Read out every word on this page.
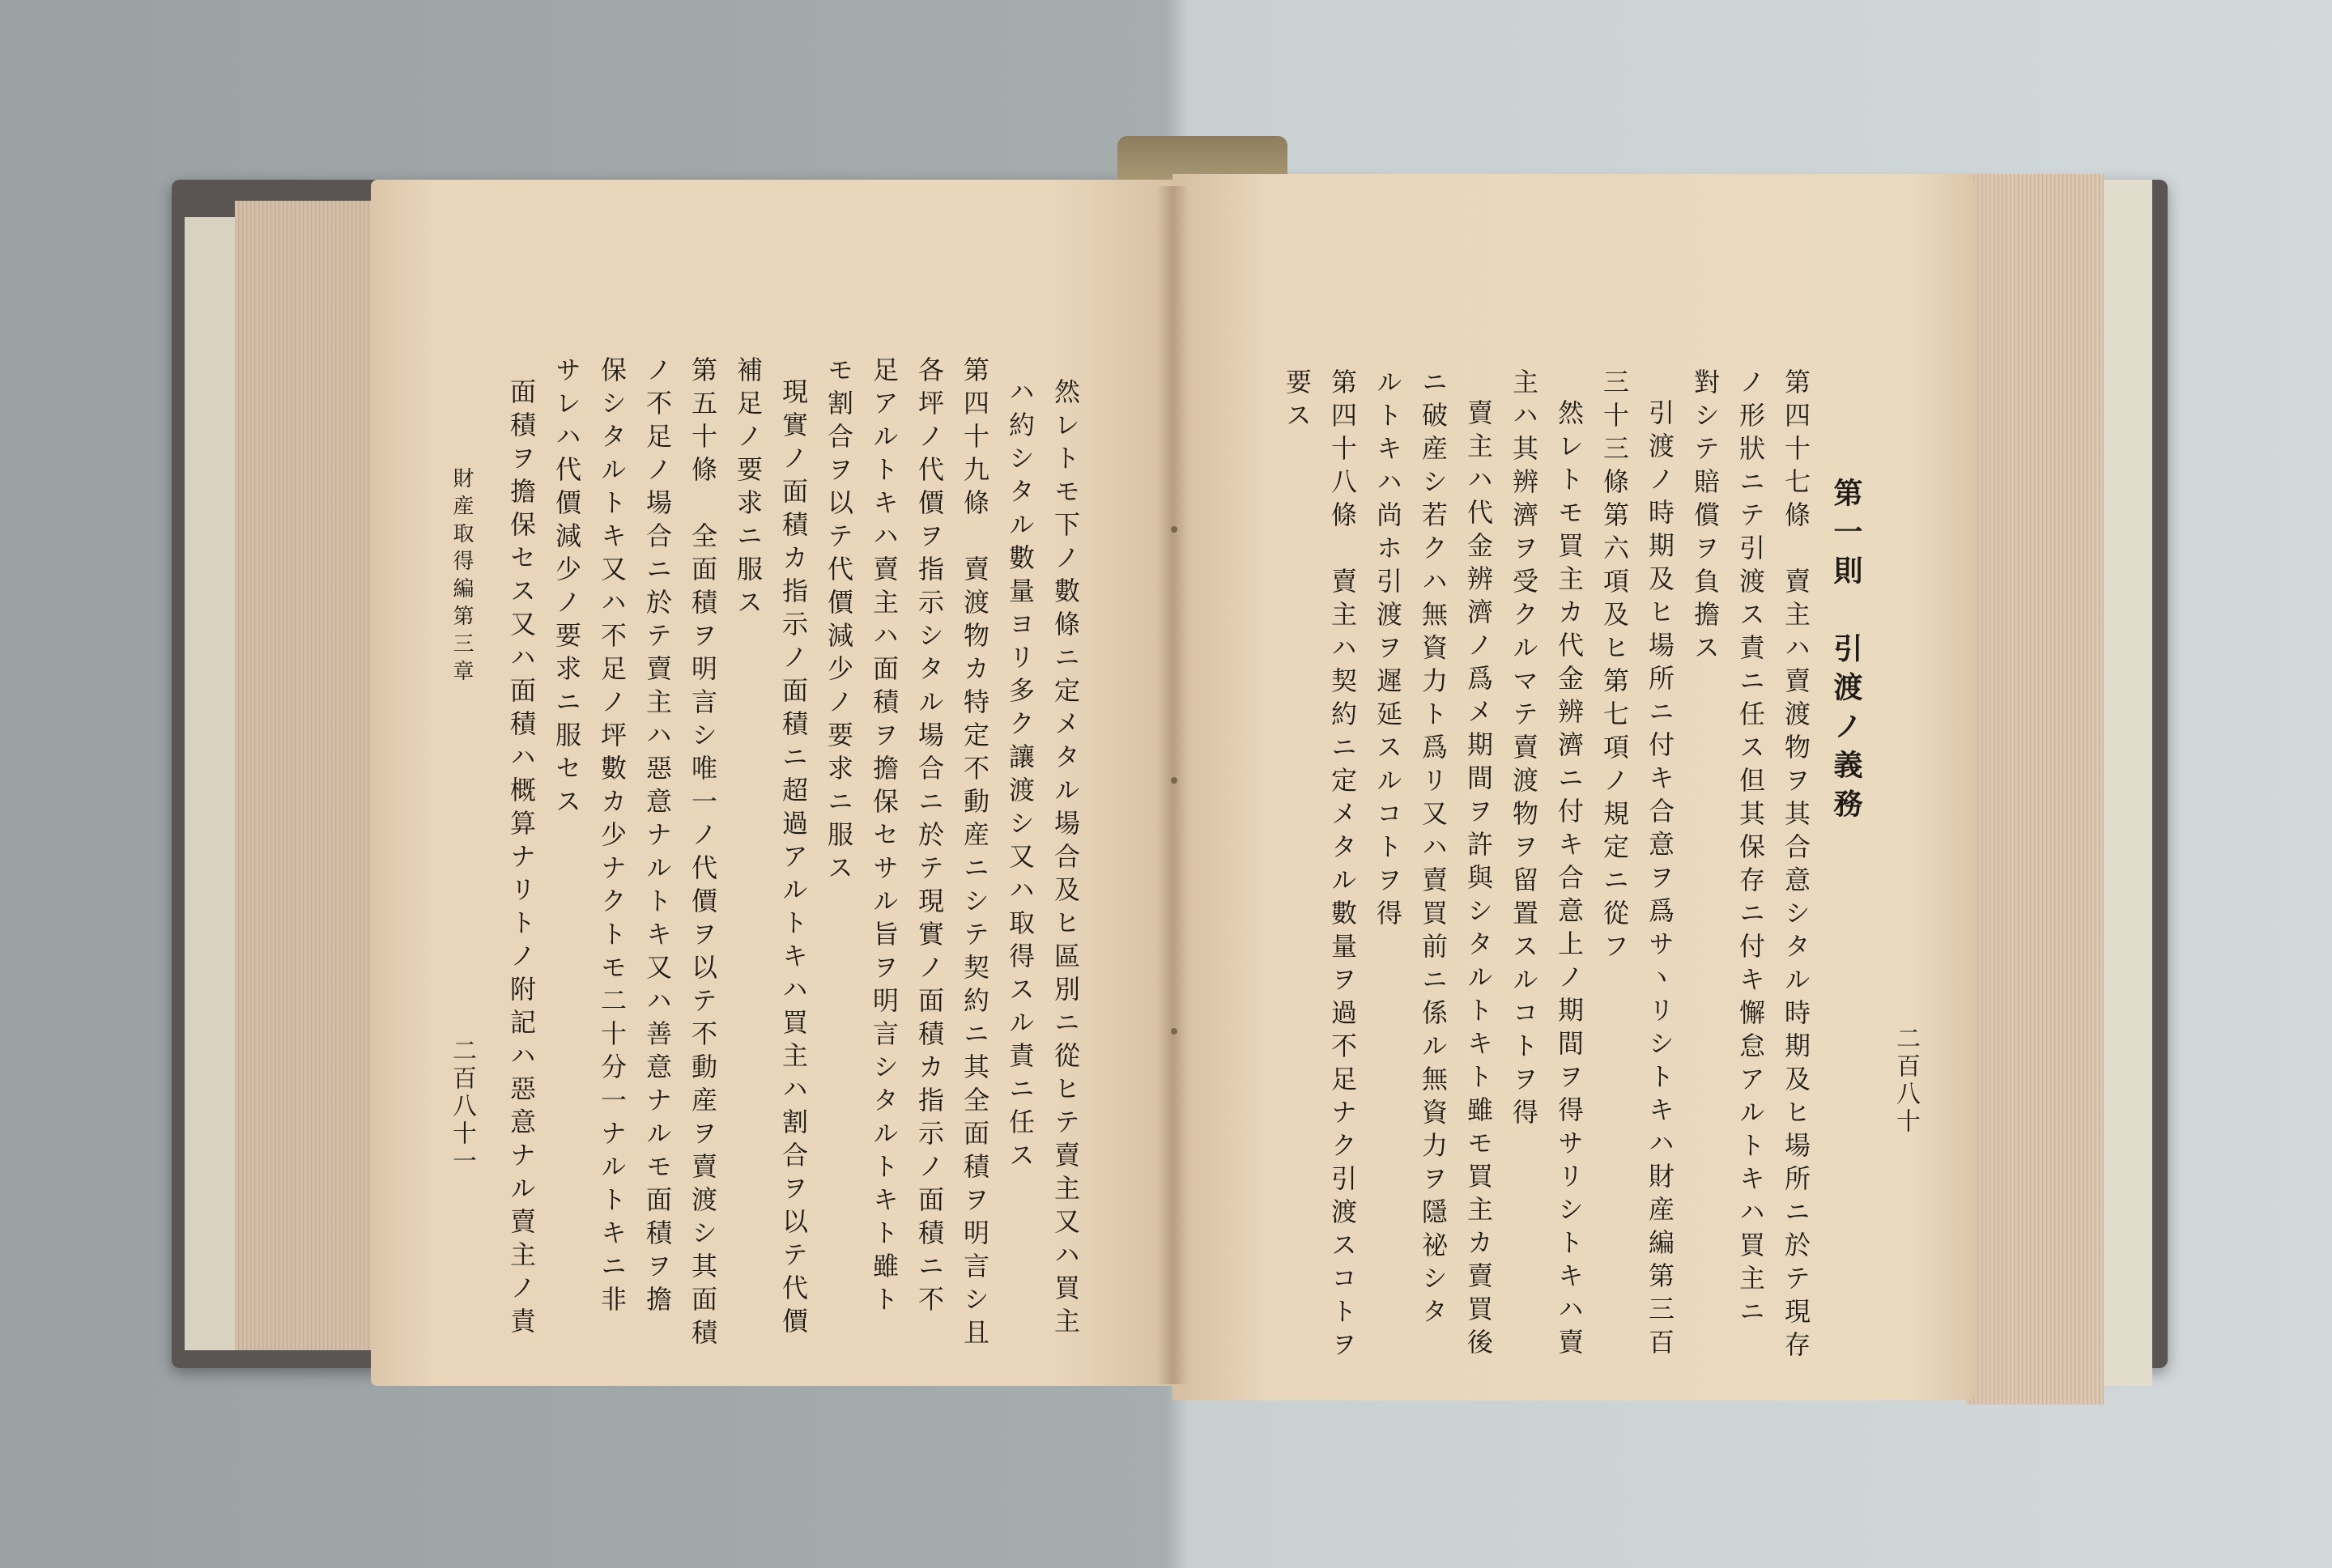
然レトモ下ノ數條ニ定メタル場合及ヒ區別ニ從ヒテ賣主又ハ買主
ハ約シタル數量ヨリ多ク讓渡シ又ハ取得スル責ニ任ス
第四十九條　賣渡物カ特定不動産ニシテ契約ニ其全面積ヲ明言シ且
各坪ノ代價ヲ指示シタル場合ニ於テ現實ノ面積カ指示ノ面積ニ不
足アルトキハ賣主ハ面積ヲ擔保セサル旨ヲ明言シタルトキト雖ト
モ割合ヲ以テ代價減少ノ要求ニ服ス
現實ノ面積カ指示ノ面積ニ超過アルトキハ買主ハ割合ヲ以テ代價
補足ノ要求ニ服ス
第五十條　全面積ヲ明言シ唯一ノ代價ヲ以テ不動産ヲ賣渡シ其面積
ノ不足ノ場合ニ於テ賣主ハ惡意ナルトキ又ハ善意ナルモ面積ヲ擔
保シタルトキ又ハ不足ノ坪數カ少ナクトモ二十分一ナルトキニ非
サレハ代價減少ノ要求ニ服セス
面積ヲ擔保セス又ハ面積ハ概算ナリトノ附記ハ惡意ナル賣主ノ責
財産取得編第三章
二百八十一	二百八十
第一則　引渡ノ義務
第四十七條　賣主ハ賣渡物ヲ其合意シタル時期及ヒ場所ニ於テ現存
ノ形狀ニテ引渡ス責ニ任ス但其保存ニ付キ懈怠アルトキハ買主ニ
對シテ賠償ヲ負擔ス
引渡ノ時期及ヒ場所ニ付キ合意ヲ爲サヽリシトキハ財産編第三百
三十三條第六項及ヒ第七項ノ規定ニ從フ
然レトモ買主カ代金辨濟ニ付キ合意上ノ期間ヲ得サリシトキハ賣
主ハ其辨濟ヲ受クルマテ賣渡物ヲ留置スルコトヲ得
賣主ハ代金辨濟ノ爲メ期間ヲ許與シタルトキト雖モ買主カ賣買後
ニ破産シ若クハ無資力ト爲リ又ハ賣買前ニ係ル無資力ヲ隱祕シタ
ルトキハ尚ホ引渡ヲ遲延スルコトヲ得
第四十八條　賣主ハ契約ニ定メタル數量ヲ過不足ナク引渡スコトヲ
要ス
